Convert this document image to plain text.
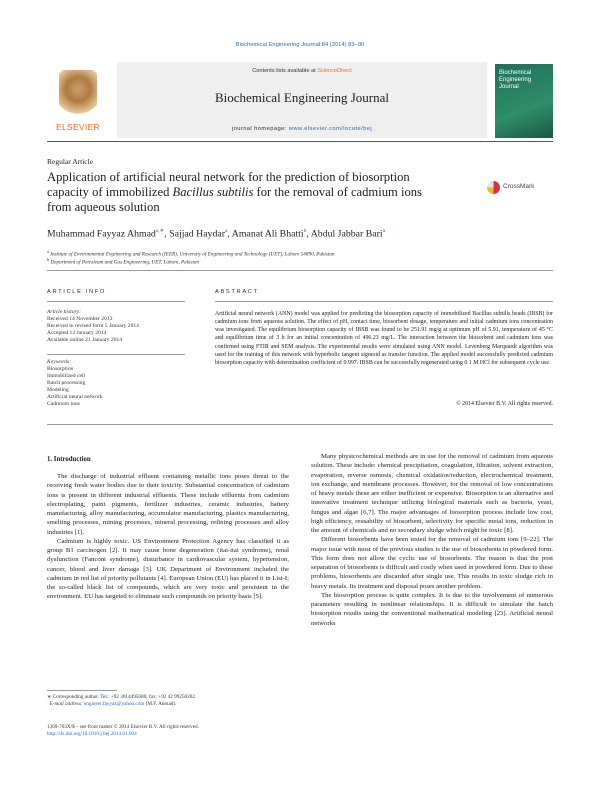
Biochemical Engineering Journal 84 (2014) 83–90
ELSEVIER
Contents lists available at ScienceDirect
Biochemical Engineering Journal
journal homepage: www.elsevier.com/locate/bej
Biochemical Engineering Journal
Regular Article
Application of artificial neural network for the prediction of biosorption capacity of immobilized Bacillus subtilis for the removal of cadmium ions from aqueous solution
CrossMark
Muhammad Fayyaz Ahmad$^{a,∗}$, Sajjad Haydar$^a$, Amanat Ali Bhatti$^b$, Abdul Jabbar Bari$^a$
$^a$ Institute of Environmental Engineering and Research (IEER), University of Engineering and Technology (UET), Lahore 54890, Pakistan
$^b$ Department of Petroleum and Gas Engineering, UET, Lahore, Pakistan
ARTICLE INFO	ABSTRACT
Article history:
Received 14 November 2013
Received in revised form 5 January 2014
Accepted 12 January 2014
Available online 21 January 2014
Keywords:
Biosorption
Immobilized cell
Batch processing
Modeling
Artificial neural network
Cadmium ions
Artificial neural network (ANN) model was applied for predicting the biosorption capacity of immobilized Bacillus subtilis beads (IBSB) for cadmium ions from aqueous solution. The effect of pH, contact time, biosorbent dosage, temperature and initial cadmium ions concentration was investigated. The equilibrium biosorption capacity of IBSB was found to be 251.91 mg/g at optimum pH of 5.91, temperature of 45 °C and equilibrium time of 3 h for an initial concentration of 496.23 mg/L. The interaction between the biosorbent and cadmium ions was confirmed using FTIR and SEM analysis. The experimental results were simulated using ANN model. Levenberg Marquardt algorithm was used for the training of this network with hyperbolic tangent sigmoid as transfer function. The applied model successfully predicted cadmium biosorption capacity with determination coefficient of 0.997. IBSB can be successfully regenerated using 0.1 M HCl for subsequent cycle use.
© 2014 Elsevier B.V. All rights reserved.
1. Introduction

The discharge of industrial effluent containing metallic ions poses threat to the receiving fresh water bodies due to their toxicity. Substantial concentration of cadmium ions is present in different industrial effluents. These include effluents from cadmium electroplating, paint pigments, fertilizer industries, ceramic industries, battery manufacturing, alloy manufacturing, accumulator manufacturing, plastics manufacturing, smelting processes, mining processes, mineral processing, refining processes and alloy industries [1].

Cadmium is highly toxic. US Environment Protection Agency has classified it as group B1 carcinogen [2]. It may cause bone degeneration (itai-itai syndrome), renal dysfunction (Fanconi syndrome), disturbance in cardiovascular system, hypertension, cancer, blood and liver damage [3]. UK Department of Environment included the cadmium in red list of priority pollutants [4]. European Union (EU) has placed it in List-I; the so-called black list of compounds, which are very toxic and persistent in the environment. EU has targeted to eliminate such compounds on priority basis [5].

Many physicochemical methods are in use for the removal of cadmium from aqueous solution. These include: chemical precipitation, coagulation, filtration, solvent extraction, evaporation, reverse osmosis, chemical oxidation/reduction, electrochemical treatment, ion exchange, and membrane processes. However, for the removal of low concentrations of heavy metals these are either inefficient or expensive. Biosorption is an alternative and innovative treatment technique utilizing biological materials such as bacteria, yeast, fungus and algae [6,7]. The major advantages of biosorption process include low cost, high efficiency, reusability of biosorbent, selectivity for specific metal ions, reduction in the amount of chemicals and no secondary sludge which might be toxic [8].

Different biosorbents have been tested for the removal of cadmium ions [9–22]. The major issue with most of the previous studies is the use of biosorbents in powdered form. This form does not allow the cyclic use of biosorbents. The reason is that the post separation of biosorbents is difficult and costly when used in powdered form. Due to these problems, biosorbents are discarded after single use. This results in toxic sludge rich in heavy metals. Its treatment and disposal poses another problem.

The biosorption process is quite complex. It is due to the involvement of numerous parameters resulting in nonlinear relationships. It is difficult to simulate the batch biosorption results using the conventional mathematical modeling [23]. Artificial neural networks

∗ Corresponding author. Tel.: +92 3014495686; fax: +92 42 99250202.
E-mail address: engineer.fayyaz@yahoo.com (M.F. Ahmad).
1369-703X/$ – see front matter © 2014 Elsevier B.V. All rights reserved.
http://dx.doi.org/10.1016/j.bej.2014.01.004
